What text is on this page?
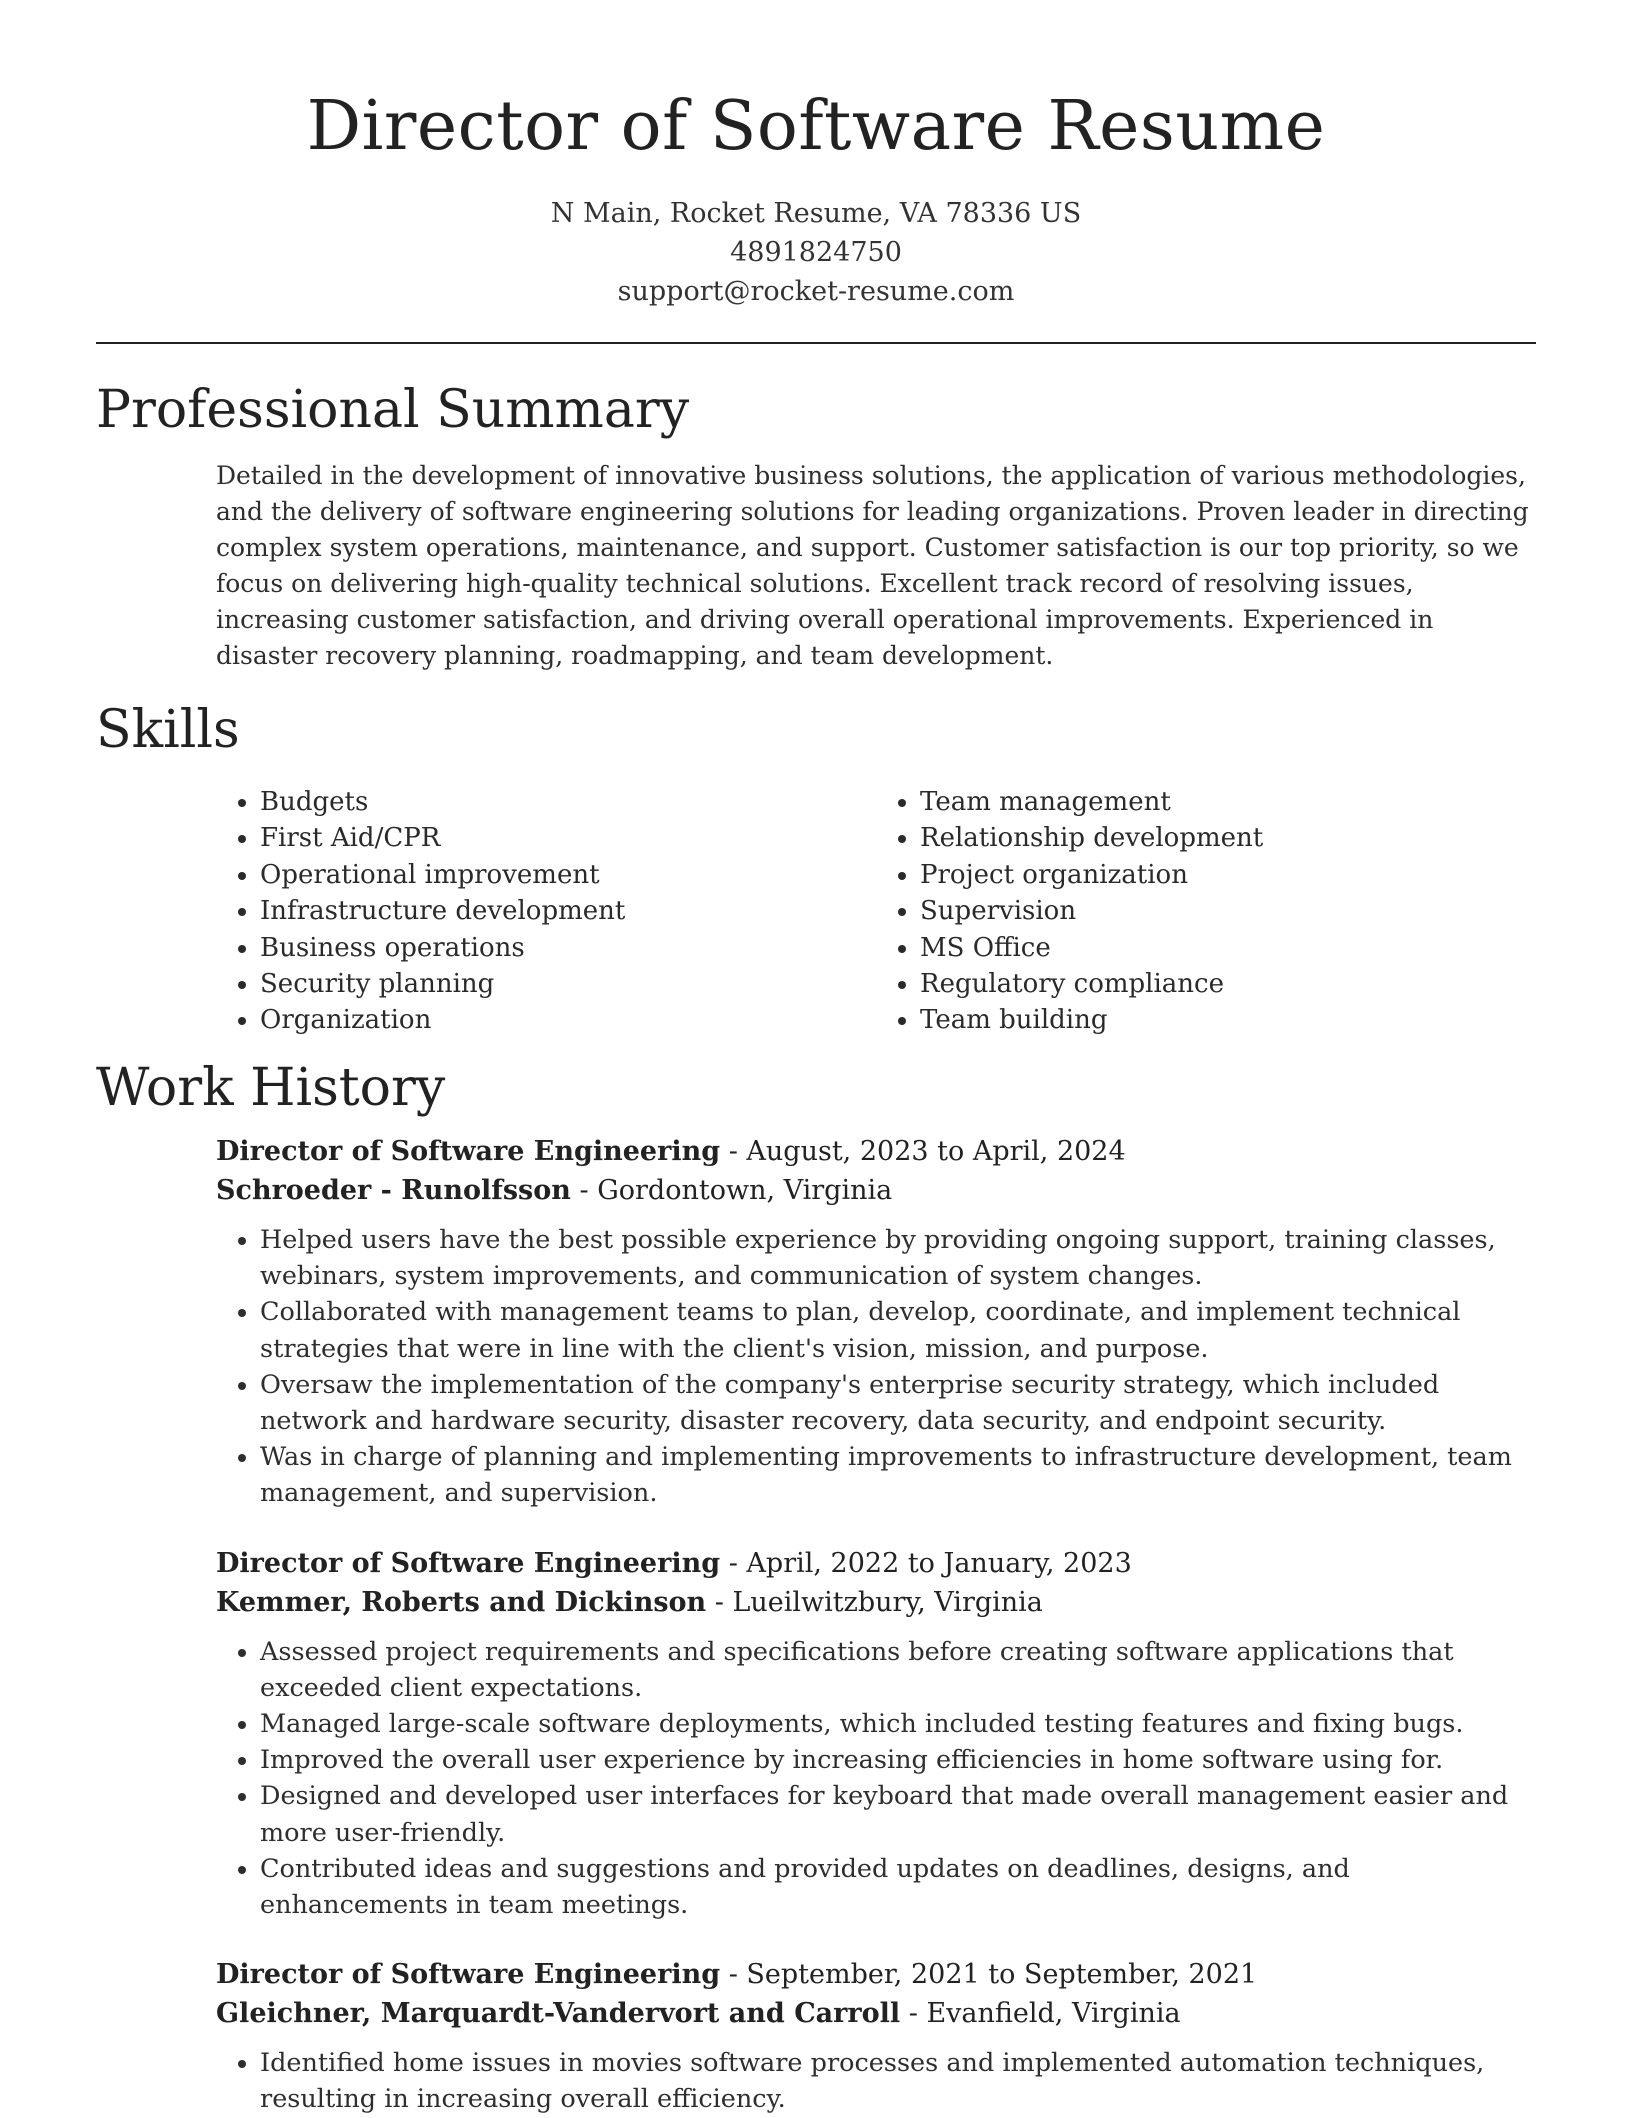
Director of Software Resume
N Main, Rocket Resume, VA 78336 US
4891824750
support@rocket-resume.com
Professional Summary

Detailed in the development of innovative business solutions, the application of various methodologies, and the delivery of software engineering solutions for leading organizations. Proven leader in directing complex system operations, maintenance, and support. Customer satisfaction is our top priority, so we focus on delivering high-quality technical solutions. Excellent track record of resolving issues, increasing customer satisfaction, and driving overall operational improvements. Experienced in disaster recovery planning, roadmapping, and team development.

Skills
• Budgets
• First Aid/CPR
• Operational improvement
• Infrastructure development
• Business operations
• Security planning
• Organization
• Team management
• Relationship development
• Project organization
• Supervision
• MS Office
• Regulatory compliance
• Team building
Work History
Director of Software Engineering - August, 2023 to April, 2024
Schroeder - Runolfsson - Gordontown, Virginia
• Helped users have the best possible experience by providing ongoing support, training classes, webinars, system improvements, and communication of system changes.
• Collaborated with management teams to plan, develop, coordinate, and implement technical strategies that were in line with the client's vision, mission, and purpose.
• Oversaw the implementation of the company's enterprise security strategy, which included network and hardware security, disaster recovery, data security, and endpoint security.
• Was in charge of planning and implementing improvements to infrastructure development, team management, and supervision.
Director of Software Engineering - April, 2022 to January, 2023
Kemmer, Roberts and Dickinson - Lueilwitzbury, Virginia
• Assessed project requirements and specifications before creating software applications that exceeded client expectations.
• Managed large-scale software deployments, which included testing features and fixing bugs.
• Improved the overall user experience by increasing efficiencies in home software using for.
• Designed and developed user interfaces for keyboard that made overall management easier and more user-friendly.
• Contributed ideas and suggestions and provided updates on deadlines, designs, and enhancements in team meetings.
Director of Software Engineering - September, 2021 to September, 2021
Gleichner, Marquardt-Vandervort and Carroll - Evanfield, Virginia
• Identified home issues in movies software processes and implemented automation techniques, resulting in increasing overall efficiency.
